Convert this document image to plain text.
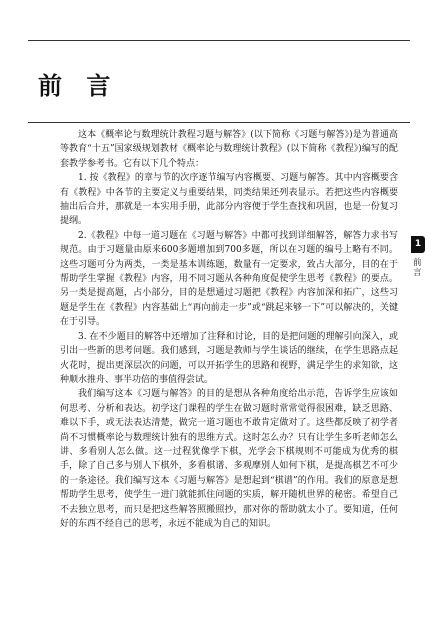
前 言

这本《概率论与数理统计教程习题与解答》(以下简称《习题与解答》)是为普通高等教育“十五”国家级规划教材《概率论与数理统计教程》(以下简称《教程》)编写的配套教学参考书。它有以下几个特点：

1. 按《教程》的章与节的次序逐节编写内容概要、习题与解答。其中内容概要含有《教程》中各节的主要定义与重要结果，同类结果还列表显示。若把这些内容概要抽出后合并，那就是一本实用手册，此部分内容便于学生查找和巩固，也是一份复习提纲。

2.《教程》中每一道习题在《习题与解答》中都可找到详细解答，解答力求书写规范。由于习题量由原来600多题增加到700多题，所以在习题的编号上略有不同。这些习题可分为两类，一类是基本训练题，数量有一定要求，致占大部分，目的在于帮助学生掌握《教程》内容，用不同习题从各种角度促使学生思考《教程》的要点。另一类是提高题，占小部分，目的是想通过习题把《教程》内容加深和拓广，这些习题是学生在《教程》内容基础上“再向前走一步”或“跳起来够一下”可以解决的，关键在于引导。

3. 在不少题目的解答中还增加了注释和讨论，目的是把问题的理解引向深入，或引出一些新的思考问题。我们感到，习题是教师与学生谈话的继续，在学生思路点起火花时，提出更深层次的问题，可以开拓学生的思路和视野，满足学生的求知欲，这种顺水推舟、事半功倍的事值得尝试。

我们编写这本《习题与解答》的目的是想从各种角度给出示范，告诉学生应该如何思考、分析和表达。初学这门课程的学生在做习题时常常觉得很困难，缺乏思路、难以下手，或无法表达清楚，做完一道习题也不敢肯定做对了。这些都反映了初学者尚不习惯概率论与数理统计独有的思维方式。这时怎么办？只有让学生多听老师怎么讲、多看别人怎么做。这一过程犹像学下棋，光学会下棋规则不可能成为优秀的棋手，除了自己多与别人下棋外，多看棋谱、多观摩别人如何下棋，是提高棋艺不可少的一条途径。我们编写这本《习题与解答》是想起到“棋谱”的作用。我们的原意是想帮助学生思考，使学生一进门就能抓住问题的实质，解开随机世界的秘密。希望自己不去独立思考，而只是把这些解答照搬照抄，那对你的帮助就太小了。要知道，任何好的东西不经自己的思考，永远不能成为自己的知识。

1
前言
